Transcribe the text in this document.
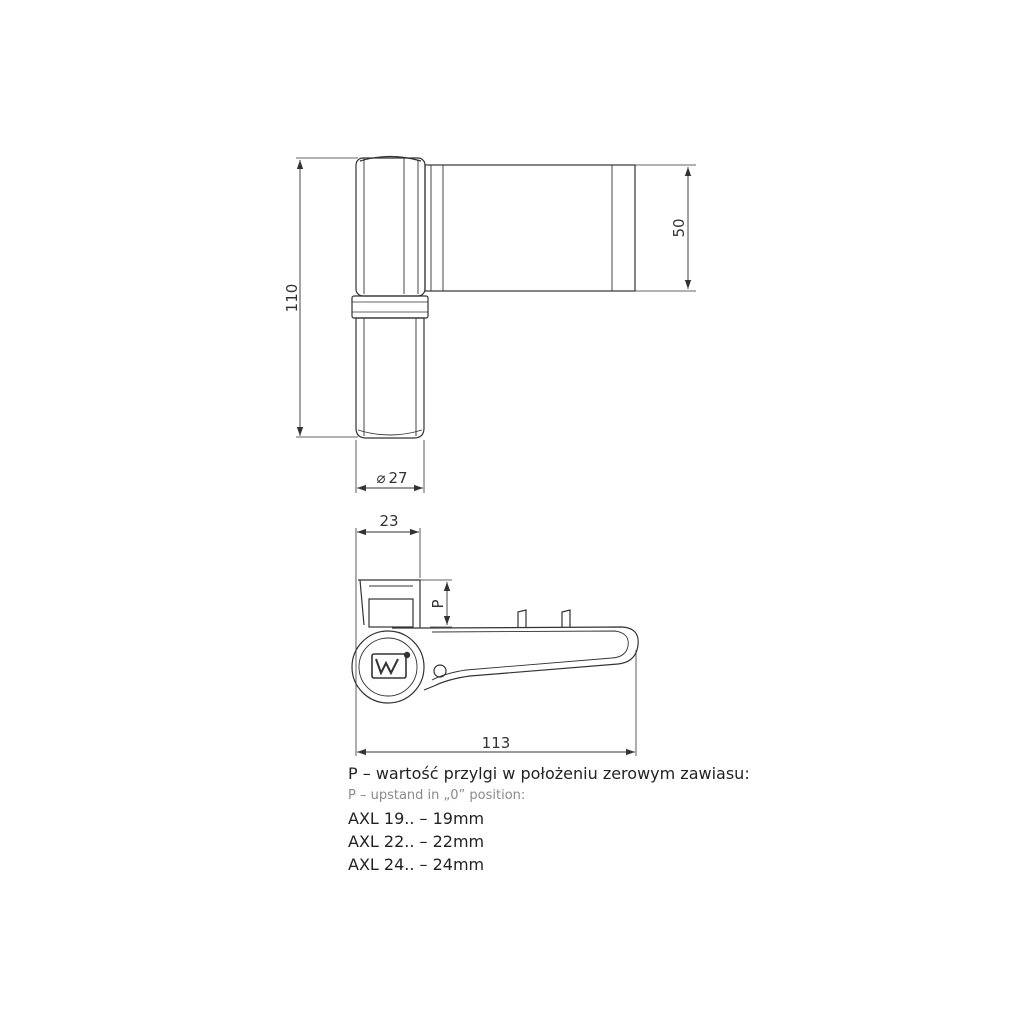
110
50
⌀ 27
23
P
113
P – wartość przylgi w położeniu zerowym zawiasu:
P – upstand in „0” position:
AXL 19.. – 19mm
AXL 22.. – 22mm
AXL 24.. – 24mm
